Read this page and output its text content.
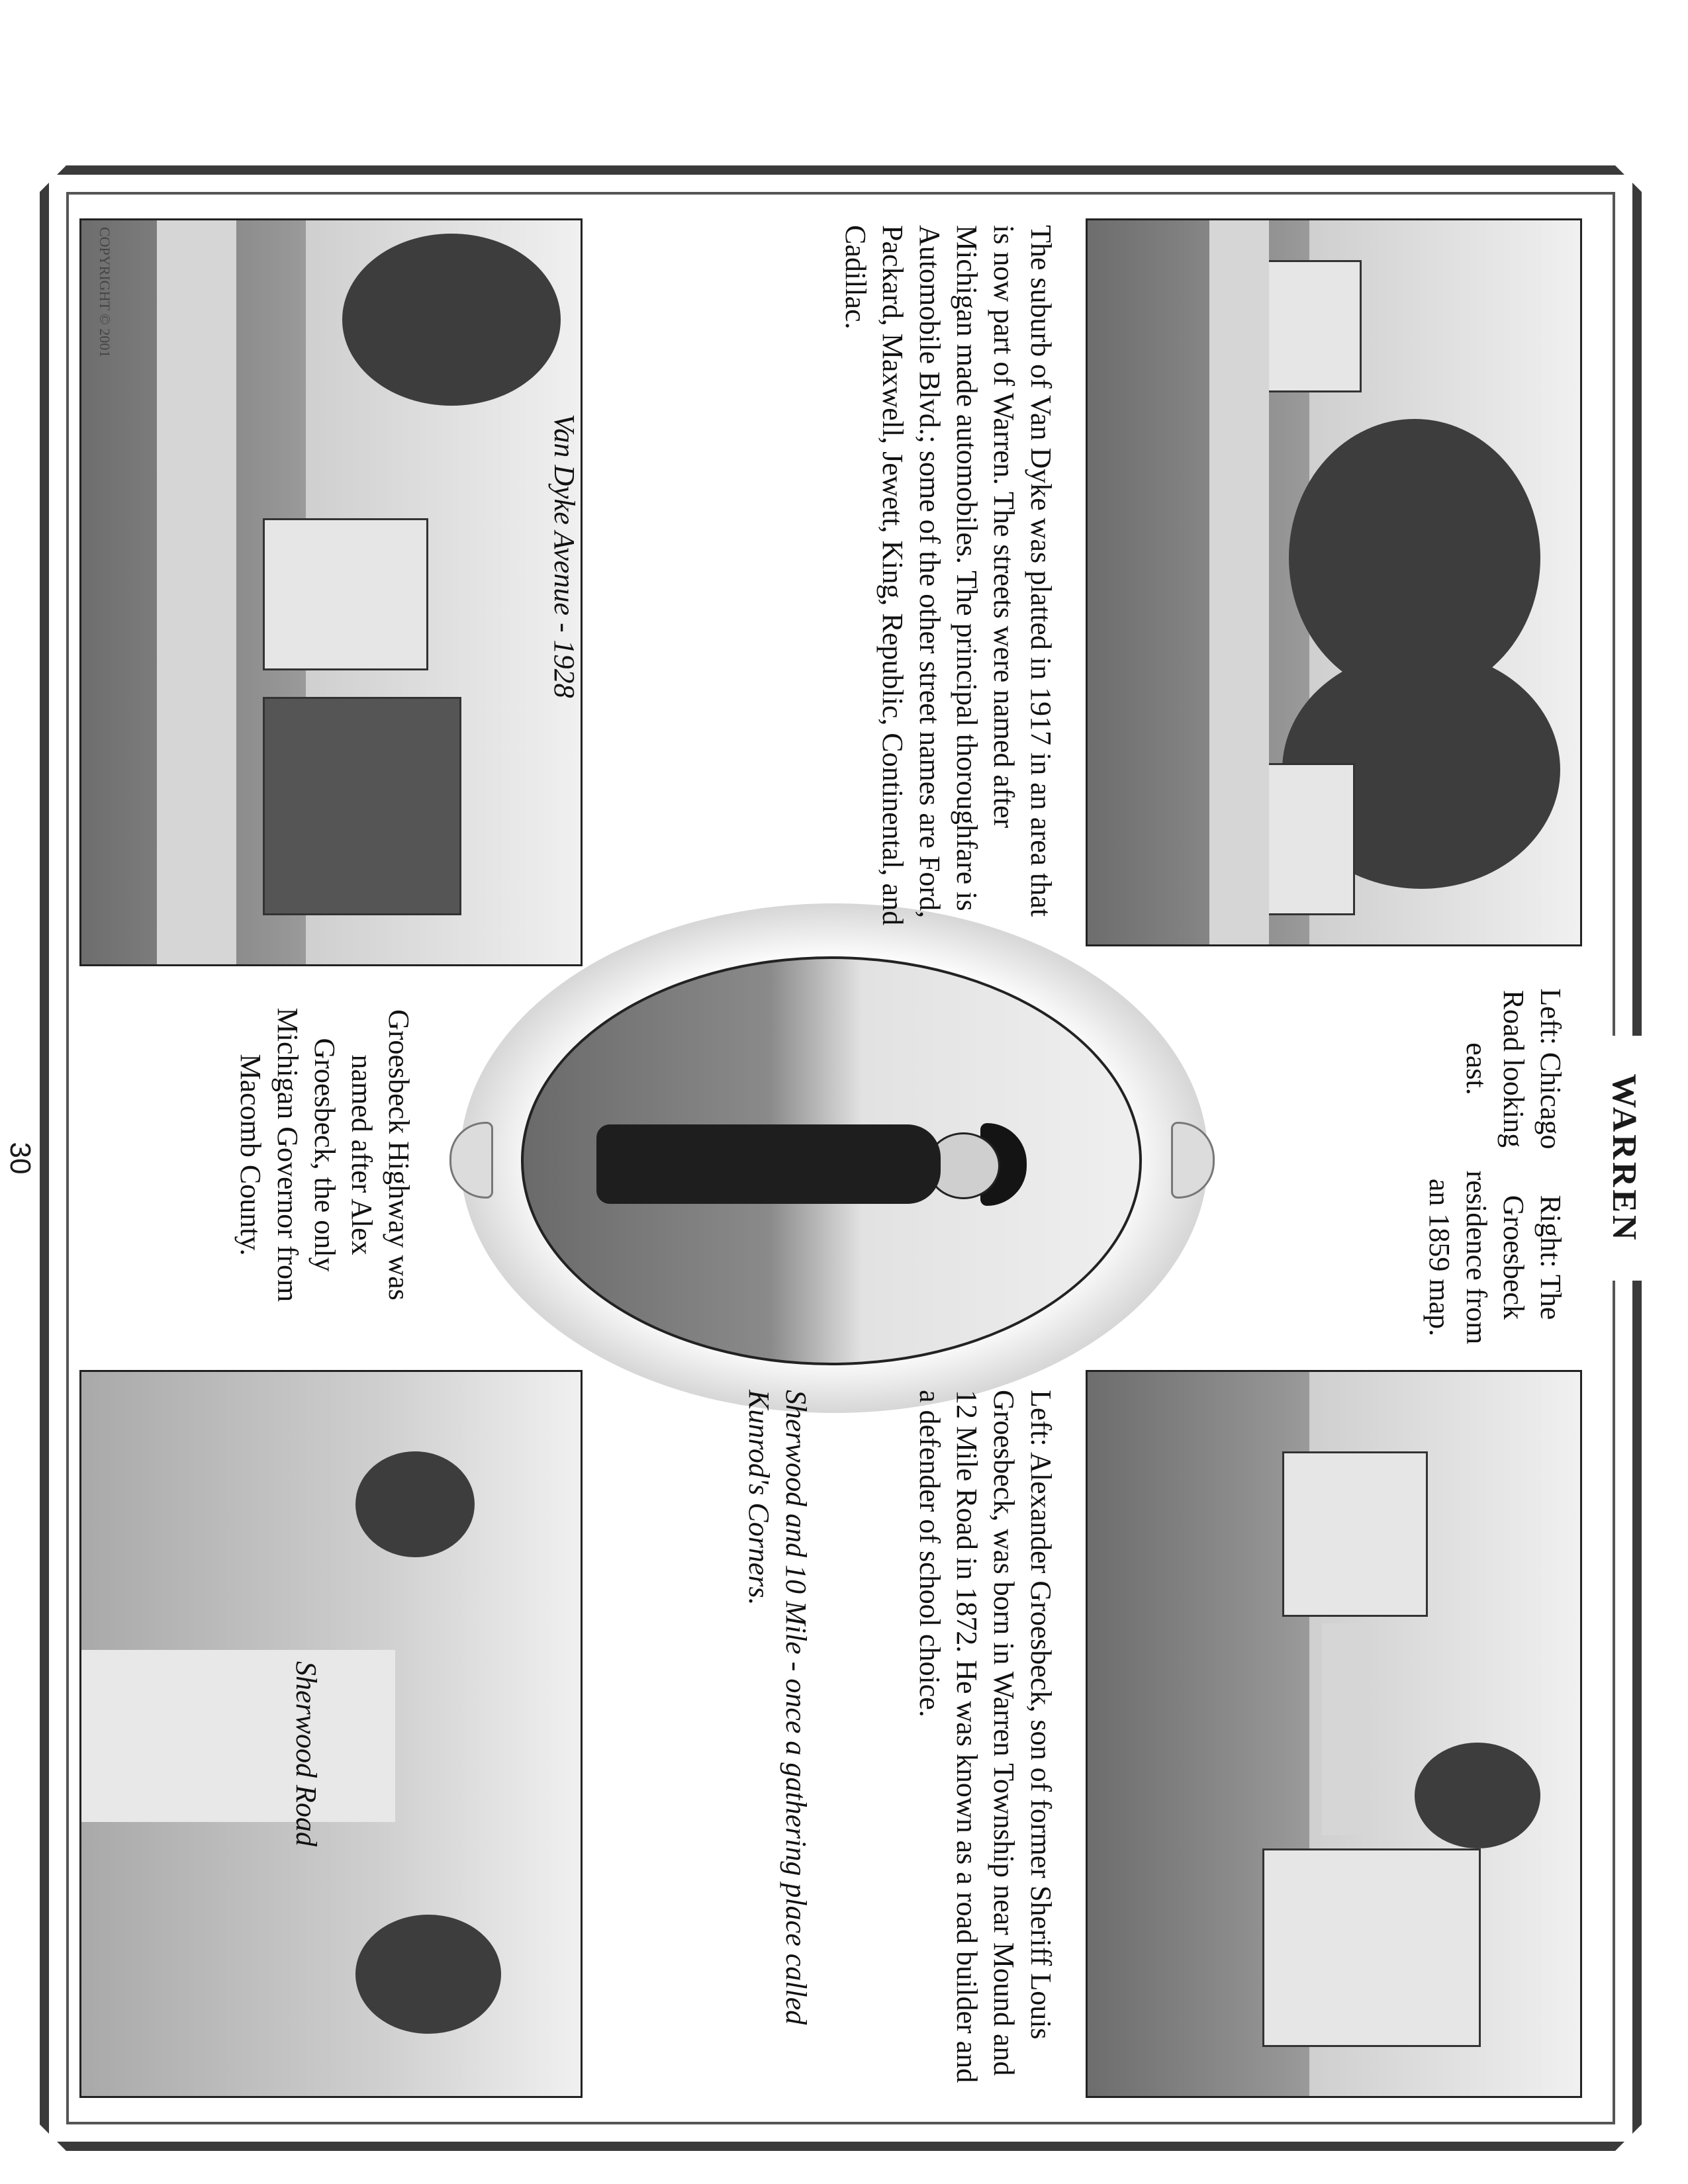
WARREN
Left: Chicago Road looking east.
Right: The Groesbeck residence from an 1859 map.
The suburb of Van Dyke was platted in 1917 in an area that is now part of Warren. The streets were named after Michigan made automobiles. The principal thoroughfare is Automobile Blvd.; some of the other street names are Ford, Packard, Maxwell, Jewett, King, Republic, Continental, and Cadillac.
COPYRIGHT © 2001
Van Dyke Avenue - 1928
Groesbeck Highway was named after Alex Groesbeck, the only Michigan Governor from Macomb County.
Left: Alexander Groesbeck, son of former Sheriff Louis Groesbeck, was born in Warren Township near Mound and 12 Mile Road in 1872. He was known as a road builder and a defender of school choice.
Sherwood and 10 Mile - once a gathering place called Kunrod's Corners.
Sherwood Road
30
